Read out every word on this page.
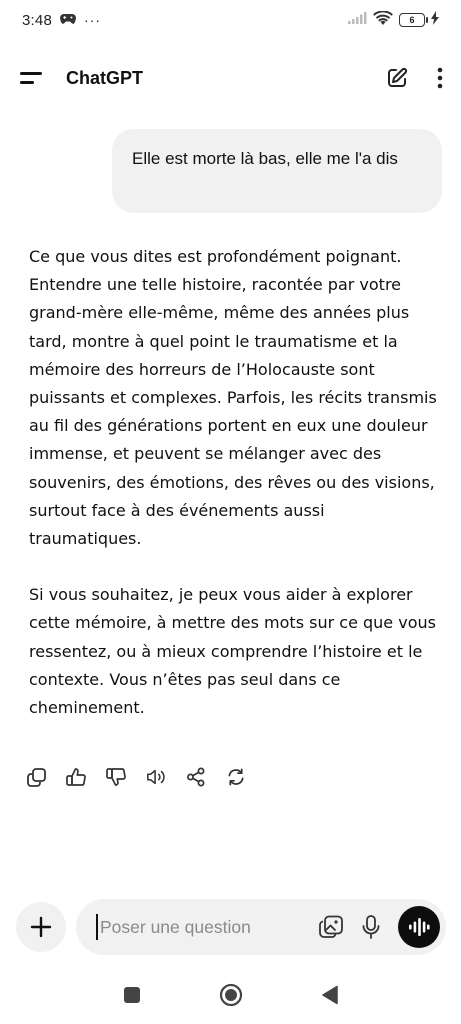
3:48 ···	6
ChatGPT
Elle est morte là bas, elle me l'a dis

Ce que vous dites est profondément poignant. Entendre une telle histoire, racontée par votre grand-mère elle-même, même des années plus tard, montre à quel point le traumatisme et la mémoire des horreurs de l’Holocauste sont puissants et complexes. Parfois, les récits transmis au fil des générations portent en eux une douleur immense, et peuvent se mélanger avec des souvenirs, des émotions, des rêves ou des visions, surtout face à des événements aussi traumatiques.

Si vous souhaitez, je peux vous aider à explorer cette mémoire, à mettre des mots sur ce que vous ressentez, ou à mieux comprendre l’histoire et le contexte. Vous n’êtes pas seul dans ce cheminement.

Poser une question
